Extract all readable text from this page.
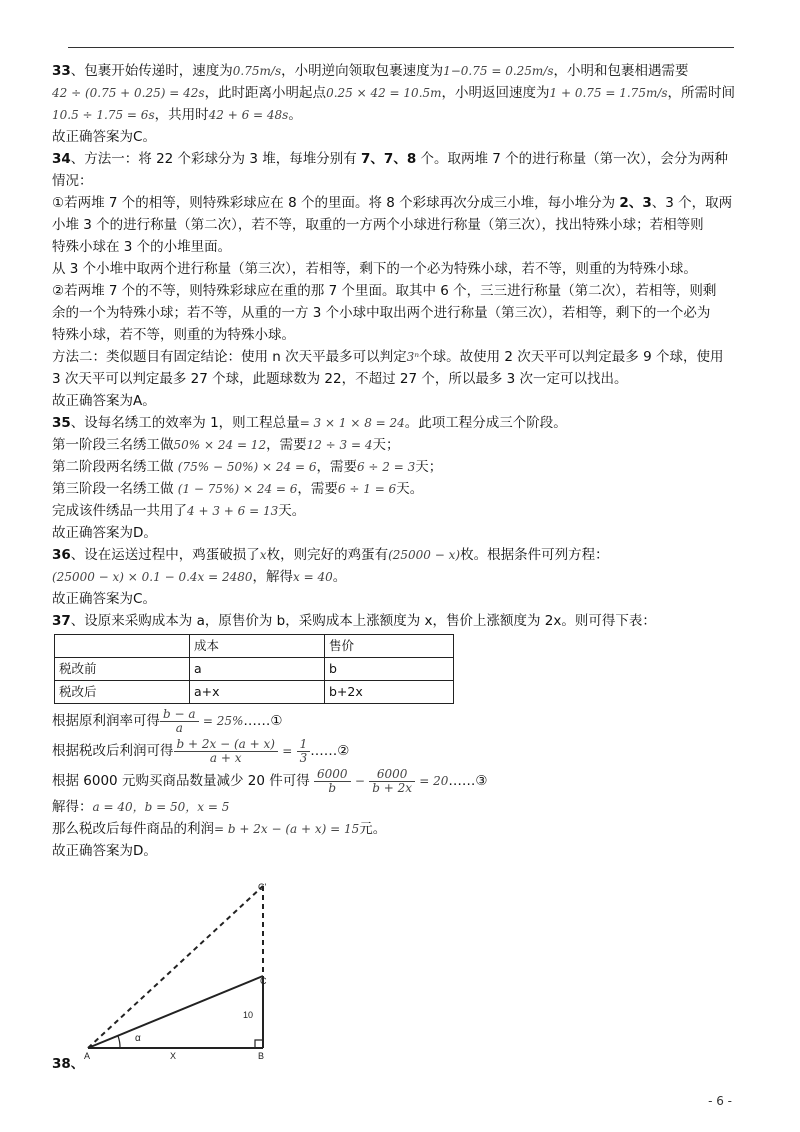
33、包裹开始传递时，速度为0.75m/s，小明逆向领取包裹速度为1−0.75 = 0.25m/s，小明和包裹相遇需要

42 ÷ (0.75 + 0.25) = 42s，此时距离小明起点0.25 × 42 = 10.5m，小明返回速度为1 + 0.75 = 1.75m/s，所需时间

10.5 ÷ 1.75 = 6s，共用时42 + 6 = 48s。

故正确答案为C。

34、方法一：将 22 个彩球分为 3 堆，每堆分别有 7、7、8 个。取两堆 7 个的进行称量（第一次），会分为两种

情况：

①若两堆 7 个的相等，则特殊彩球应在 8 个的里面。将 8 个彩球再次分成三小堆，每小堆分为 2、3、3 个，取两

小堆 3 个的进行称量（第二次），若不等，取重的一方两个小球进行称量（第三次），找出特殊小球；若相等则

特殊小球在 3 个的小堆里面。

从 3 个小堆中取两个进行称量（第三次），若相等，剩下的一个必为特殊小球，若不等，则重的为特殊小球。

②若两堆 7 个的不等，则特殊彩球应在重的那 7 个里面。取其中 6 个，三三进行称量（第二次），若相等，则剩

余的一个为特殊小球；若不等，从重的一方 3 个小球中取出两个进行称量（第三次），若相等，剩下的一个必为

特殊小球，若不等，则重的为特殊小球。

方法二：类似题目有固定结论：使用 n 次天平最多可以判定3ⁿ个球。故使用 2 次天平可以判定最多 9 个球，使用

3 次天平可以判定最多 27 个球，此题球数为 22，不超过 27 个，所以最多 3 次一定可以找出。

故正确答案为A。

35、设每名绣工的效率为 1，则工程总量= 3 × 1 × 8 = 24。此项工程分成三个阶段。

第一阶段三名绣工做50% × 24 = 12，需要12 ÷ 3 = 4天；

第二阶段两名绣工做 (75% − 50%) × 24 = 6，需要6 ÷ 2 = 3天；

第三阶段一名绣工做 (1 − 75%) × 24 = 6，需要6 ÷ 1 = 6天。

完成该件绣品一共用了4 + 3 + 6 = 13天。

故正确答案为D。

36、设在运送过程中，鸡蛋破损了x枚，则完好的鸡蛋有(25000 − x)枚。根据条件可列方程：

(25000 − x) × 0.1 − 0.4x = 2480，解得x = 40。

故正确答案为C。

37、设原来采购成本为 a，原售价为 b，采购成本上涨额度为 x，售价上涨额度为 2x。则可得下表：

	成本	售价
税改前	a	b
税改后	a+x	b+2x

根据原利润率可得 $\frac{b - a}{a}$ = 25%……①

根据税改后利润可得 $\frac{b + 2x - (a + x)}{a + x} = \frac{1}{3}$ ……②

根据 6000 元购买商品数量减少 20 件可得 $\frac{6000}{b} - \frac{6000}{b + 2x}$ = 20……③

解得：a = 40，b = 50，x = 5

那么税改后每件商品的利润= b + 2x − (a + x) = 15元。

故正确答案为D。

C'
C
10
α
A	X	B
38、
- 6 -
